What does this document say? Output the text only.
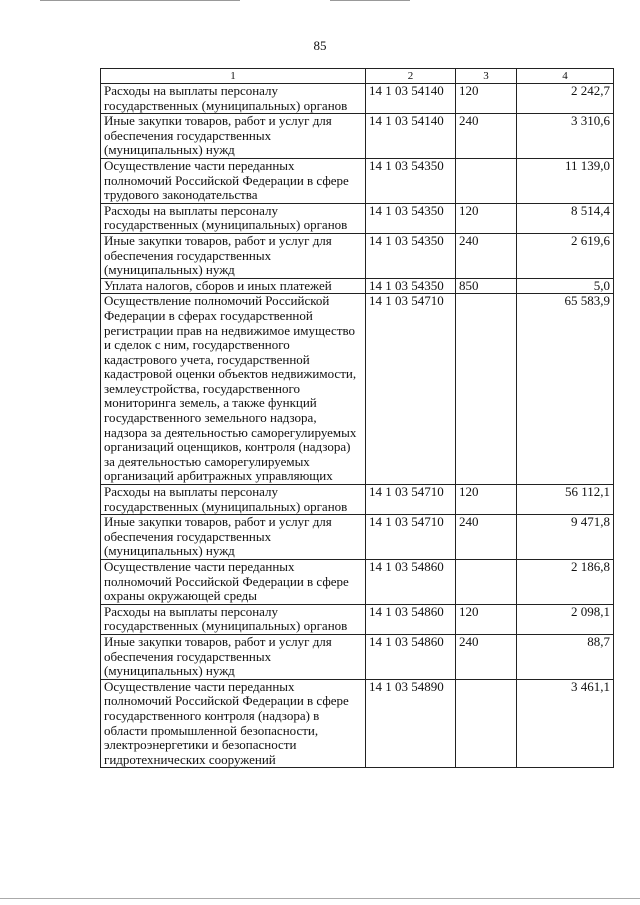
85
1	2	3	4
Расходы на выплаты персоналу государственных (муниципальных) органов	14 1 03 54140	120	2 242,7
Иные закупки товаров, работ и услуг для обеспечения государственных (муниципальных) нужд	14 1 03 54140	240	3 310,6
Осуществление части переданных полномочий Российской Федерации в сфере трудового законодательства	14 1 03 54350		11 139,0
Расходы на выплаты персоналу государственных (муниципальных) органов	14 1 03 54350	120	8 514,4
Иные закупки товаров, работ и услуг для обеспечения государственных (муниципальных) нужд	14 1 03 54350	240	2 619,6
Уплата налогов, сборов и иных платежей	14 1 03 54350	850	5,0
Осуществление полномочий Российской Федерации в сферах государственной регистрации прав на недвижимое имущество и сделок с ним, государственного кадастрового учета, государственной кадастровой оценки объектов недвижимости, землеустройства, государственного мониторинга земель, а также функций государственного земельного надзора, надзора за деятельностью саморегулируемых организаций оценщиков, контроля (надзора) за деятельностью саморегулируемых организаций арбитражных управляющих	14 1 03 54710		65 583,9
Расходы на выплаты персоналу государственных (муниципальных) органов	14 1 03 54710	120	56 112,1
Иные закупки товаров, работ и услуг для обеспечения государственных (муниципальных) нужд	14 1 03 54710	240	9 471,8
Осуществление части переданных полномочий Российской Федерации в сфере охраны окружающей среды	14 1 03 54860		2 186,8
Расходы на выплаты персоналу государственных (муниципальных) органов	14 1 03 54860	120	2 098,1
Иные закупки товаров, работ и услуг для обеспечения государственных (муниципальных) нужд	14 1 03 54860	240	88,7
Осуществление части переданных полномочий Российской Федерации в сфере государственного контроля (надзора) в области промышленной безопасности, электроэнергетики и безопасности гидротехнических сооружений	14 1 03 54890		3 461,1
